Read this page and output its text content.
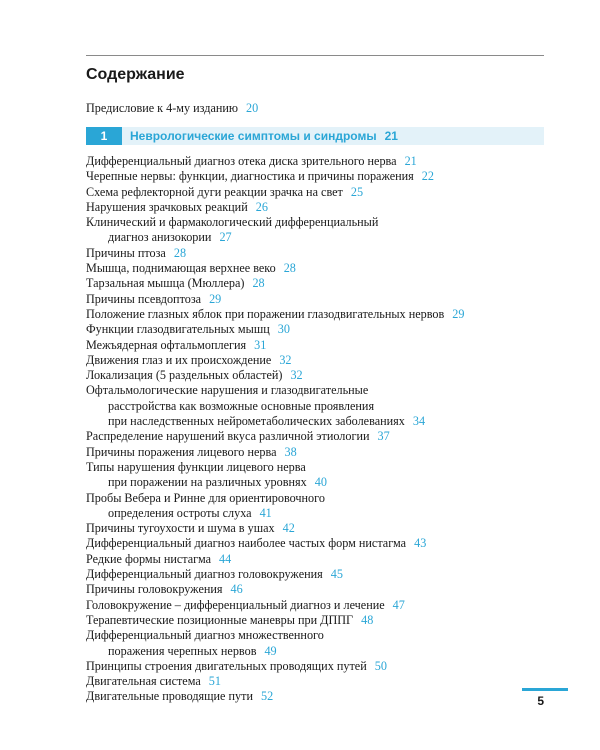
Содержание
Предисловие к 4-му изданию 20
1	Неврологические симптомы и синдромы 21
Дифференциальный диагноз отека диска зрительного нерва 21
Черепные нервы: функции, диагностика и причины поражения 22
Схема рефлекторной дуги реакции зрачка на свет 25
Нарушения зрачковых реакций 26
Клинический и фармакологический дифференциальный
диагноз анизокории 27
Причины птоза 28
Мышца, поднимающая верхнее веко 28
Тарзальная мышца (Мюллера) 28
Причины псевдоптоза 29
Положение глазных яблок при поражении глазодвигательных нервов 29
Функции глазодвигательных мышц 30
Межъядерная офтальмоплегия 31
Движения глаз и их происхождение 32
Локализация (5 раздельных областей) 32
Офтальмологические нарушения и глазодвигательные
расстройства как возможные основные проявления
при наследственных нейрометаболических заболеваниях 34
Распределение нарушений вкуса различной этиологии 37
Причины поражения лицевого нерва 38
Типы нарушения функции лицевого нерва
при поражении на различных уровнях 40
Пробы Вебера и Ринне для ориентировочного
определения остроты слуха 41
Причины тугоухости и шума в ушах 42
Дифференциальный диагноз наиболее частых форм нистагма 43
Редкие формы нистагма 44
Дифференциальный диагноз головокружения 45
Причины головокружения 46
Головокружение – дифференциальный диагноз и лечение 47
Терапевтические позиционные маневры при ДППГ 48
Дифференциальный диагноз множественного
поражения черепных нервов 49
Принципы строения двигательных проводящих путей 50
Двигательная система 51
Двигательные проводящие пути 52	5
